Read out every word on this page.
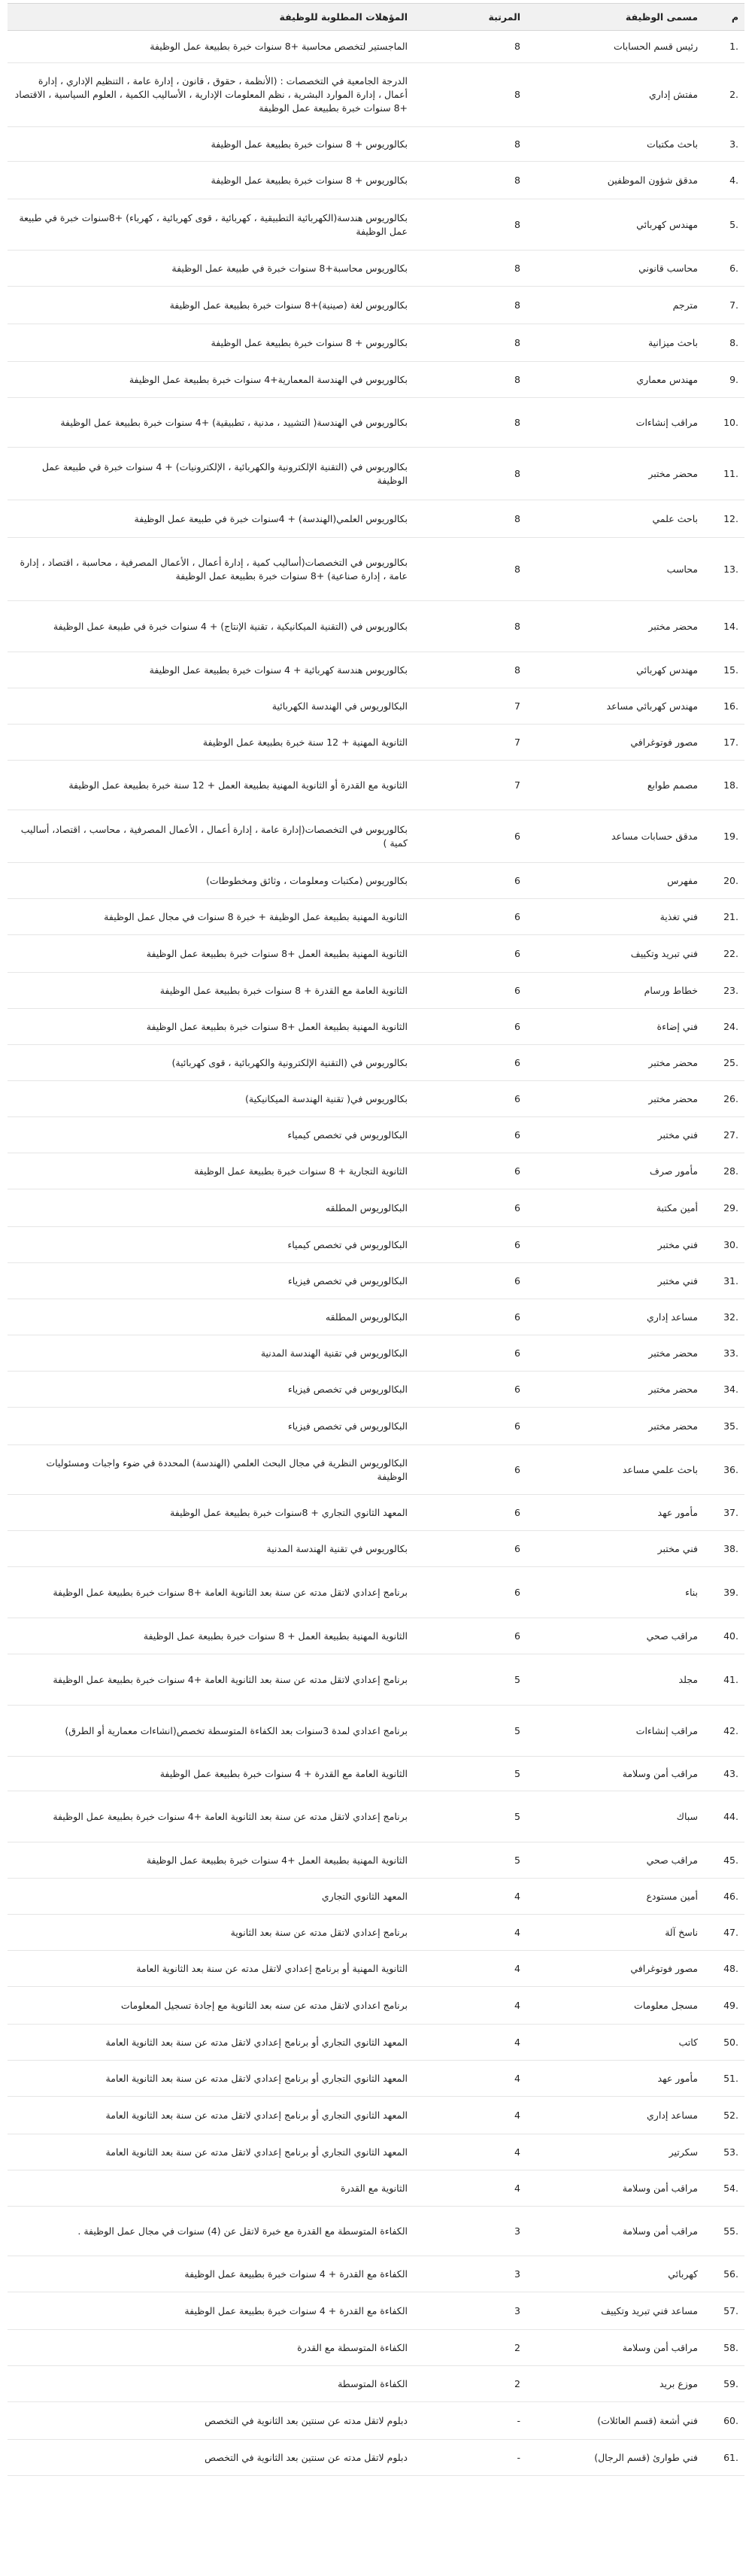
م	مسمى الوظيفة	المرتبة	المؤهلات المطلوبة للوظيفة
1.	رئيس قسم الحسابات	8	الماجستير لتخصص محاسبة +8 سنوات خبرة بطبيعة عمل الوظيفة
2.	مفتش إداري	8	الدرجة الجامعية في التخصصات : (الأنظمة ، حقوق ، قانون ، إدارة عامة ، التنظيم الإداري ، إدارة أعمال ، إدارة الموارد البشرية ، نظم المعلومات الإدارية ، الأساليب الكمية ، العلوم السياسية ، الاقتصاد +8 سنوات خبرة بطبيعة عمل الوظيفة
3.	باحث مكتبات	8	بكالوريوس + 8 سنوات خبرة بطبيعة عمل الوظيفة
4.	مدقق شؤون الموظفين	8	بكالوريوس + 8 سنوات خبرة بطبيعة عمل الوظيفة
5.	مهندس كهربائي	8	بكالوريوس هندسة(الكهربائية التطبيقية ، كهربائية ، قوى كهربائية ، كهرباء) +8سنوات خبرة في طبيعة عمل الوظيفة
6.	محاسب قانوني	8	بكالوريوس محاسبة+8 سنوات خبرة في طبيعة عمل الوظيفة
7.	مترجم	8	بكالوريوس لغة (صينية)+8 سنوات خبرة بطبيعة عمل الوظيفة
8.	باحث ميزانية	8	بكالوريوس + 8 سنوات خبرة بطبيعة عمل الوظيفة
9.	مهندس معماري	8	بكالوريوس في الهندسة المعمارية+4 سنوات خبرة بطبيعة عمل الوظيفة
10.	مراقب إنشاءات	8	بكالوريوس في الهندسة( التشييد ، مدنية ، تطبيقية) +4 سنوات خبرة بطبيعة عمل الوظيفة
11.	محضر مختبر	8	بكالوريوس في (التقنية الإلكترونية والكهربائية ، الإلكترونيات) + 4 سنوات خبرة في طبيعة عمل الوظيفة
12.	باحث علمي	8	بكالوريوس العلمي(الهندسة) + 4سنوات خبرة في طبيعة عمل الوظيفة
13.	محاسب	8	بكالوريوس في التخصصات(أساليب كمية ، إدارة أعمال ، الأعمال المصرفية ، محاسبة ، اقتصاد ، إدارة عامة ، إدارة صناعية) +8 سنوات خبرة بطبيعة عمل الوظيفة
14.	محضر مختبر	8	بكالوريوس في (التقنية الميكانيكية ، تقنية الإنتاج) + 4 سنوات خبرة في طبيعة عمل الوظيفة
15.	مهندس كهربائي	8	بكالوريوس هندسة كهربائية + 4 سنوات خبرة بطبيعة عمل الوظيفة
16.	مهندس كهربائي مساعد	7	البكالوريوس في الهندسة الكهربائية
17.	مصور فوتوغرافي	7	الثانوية المهنية + 12 سنة خبرة بطبيعة عمل الوظيفة
18.	مصمم طوابع	7	الثانوية مع القدرة أو الثانوية المهنية بطبيعة العمل + 12 سنة خبرة بطبيعة عمل الوظيفة
19.	مدقق حسابات مساعد	6	بكالوريوس في التخصصات(إدارة عامة ، إدارة أعمال ، الأعمال المصرفية ، محاسب ، اقتصاد، أساليب كمية )
20.	مفهرس	6	بكالوريوس (مكتبات ومعلومات ، وثائق ومخطوطات)
21.	فني تغذية	6	الثانوية المهنية بطبيعة عمل الوظيفة + خبرة 8 سنوات في مجال عمل الوظيفة
22.	فني تبريد وتكييف	6	الثانوية المهنية بطبيعة العمل +8 سنوات خبرة بطبيعة عمل الوظيفة
23.	خطاط ورسام	6	الثانوية العامة مع القدرة + 8 سنوات خبرة بطبيعة عمل الوظيفة
24.	فني إضاءة	6	الثانوية المهنية بطبيعة العمل +8 سنوات خبرة بطبيعة عمل الوظيفة
25.	محضر مختبر	6	بكالوريوس في (التقنية الإلكترونية والكهربائية ، قوى كهربائية)
26.	محضر مختبر	6	بكالوريوس في( تقنية الهندسة الميكانيكية)
27.	فني مختبر	6	البكالوريوس في تخصص كيمياء
28.	مأمور صرف	6	الثانوية التجارية + 8 سنوات خبرة بطبيعة عمل الوظيفة
29.	أمين مكتبة	6	البكالوريوس المطلقه
30.	فني مختبر	6	البكالوريوس في تخصص كيمياء
31.	فني مختبر	6	البكالوريوس في تخصص فيزياء
32.	مساعد إداري	6	البكالوريوس المطلقه
33.	محضر مختبر	6	البكالوريوس في تقنية الهندسة المدنية
34.	محضر مختبر	6	البكالوريوس في تخصص فيزياء
35.	محضر مختبر	6	البكالوريوس في تخصص فيزياء
36.	باحث علمي مساعد	6	البكالوريوس النظرية في مجال البحث العلمي (الهندسة) المحددة في ضوء واجبات ومسئوليات الوظيفة
37.	مأمور عهد	6	المعهد الثانوي التجاري + 8سنوات خبرة بطبيعة عمل الوظيفة
38.	فني مختبر	6	بكالوريوس في تقنية الهندسة المدنية
39.	بناء	6	برنامج إعدادي لاتقل مدته عن سنة بعد الثانوية العامة +8 سنوات خبرة بطبيعة عمل الوظيفة
40.	مراقب صحي	6	الثانوية المهنية بطبيعة العمل + 8 سنوات خبرة بطبيعة عمل الوظيفة
41.	مجلد	5	برنامج إعدادي لاتقل مدته عن سنة بعد الثانوية العامة +4 سنوات خبرة بطبيعة عمل الوظيفة
42.	مراقب إنشاءات	5	برنامج اعدادي لمدة 3سنوات بعد الكفاءة المتوسطة تخصص(انشاءات معمارية أو الطرق)
43.	مراقب أمن وسلامة	5	الثانوية العامة مع القدرة + 4 سنوات خبرة بطبيعة عمل الوظيفة
44.	سباك	5	برنامج إعدادي لاتقل مدته عن سنة بعد الثانوية العامة +4 سنوات خبرة بطبيعة عمل الوظيفة
45.	مراقب صحي	5	الثانوية المهنية بطبيعة العمل +4 سنوات خبرة بطبيعة عمل الوظيفة
46.	أمين مستودع	4	المعهد الثانوي التجاري
47.	ناسخ آلة	4	برنامج إعدادي لاتقل مدته عن سنة بعد الثانوية
48.	مصور فوتوغرافي	4	الثانوية المهنية أو برنامج إعدادي لاتقل مدته عن سنة بعد الثانوية العامة
49.	مسجل معلومات	4	برنامج اعدادي لاتقل مدته عن سنه بعد الثانوية مع إجادة تسجيل المعلومات
50.	كاتب	4	المعهد الثانوي التجاري أو برنامج إعدادي لاتقل مدته عن سنة بعد الثانوية العامة
51.	مأمور عهد	4	المعهد الثانوي التجاري أو برنامج إعدادي لاتقل مدته عن سنة بعد الثانوية العامة
52.	مساعد إداري	4	المعهد الثانوي التجاري أو برنامج إعدادي لاتقل مدته عن سنة بعد الثانوية العامة
53.	سكرتير	4	المعهد الثانوي التجاري أو برنامج إعدادي لاتقل مدته عن سنة بعد الثانوية العامة
54.	مراقب أمن وسلامة	4	الثانوية مع القدرة
55.	مراقب أمن وسلامة	3	الكفاءة المتوسطة مع القدرة مع خبرة لاتقل عن (4) سنوات في مجال عمل الوظيفة .
56.	كهربائي	3	الكفاءة مع القدرة + 4 سنوات خبرة بطبيعة عمل الوظيفة
57.	مساعد فني تبريد وتكييف	3	الكفاءة مع القدرة + 4 سنوات خبرة بطبيعة عمل الوظيفة
58.	مراقب أمن وسلامة	2	الكفاءة المتوسطة مع القدرة
59.	موزع بريد	2	الكفاءة المتوسطة
60.	فني أشعة (قسم العائلات)	-	دبلوم لاتقل مدته عن سنتين بعد الثانوية في التخصص
61.	فني طوارئ (قسم الرجال)	-	دبلوم لاتقل مدته عن سنتين بعد الثانوية في التخصص
